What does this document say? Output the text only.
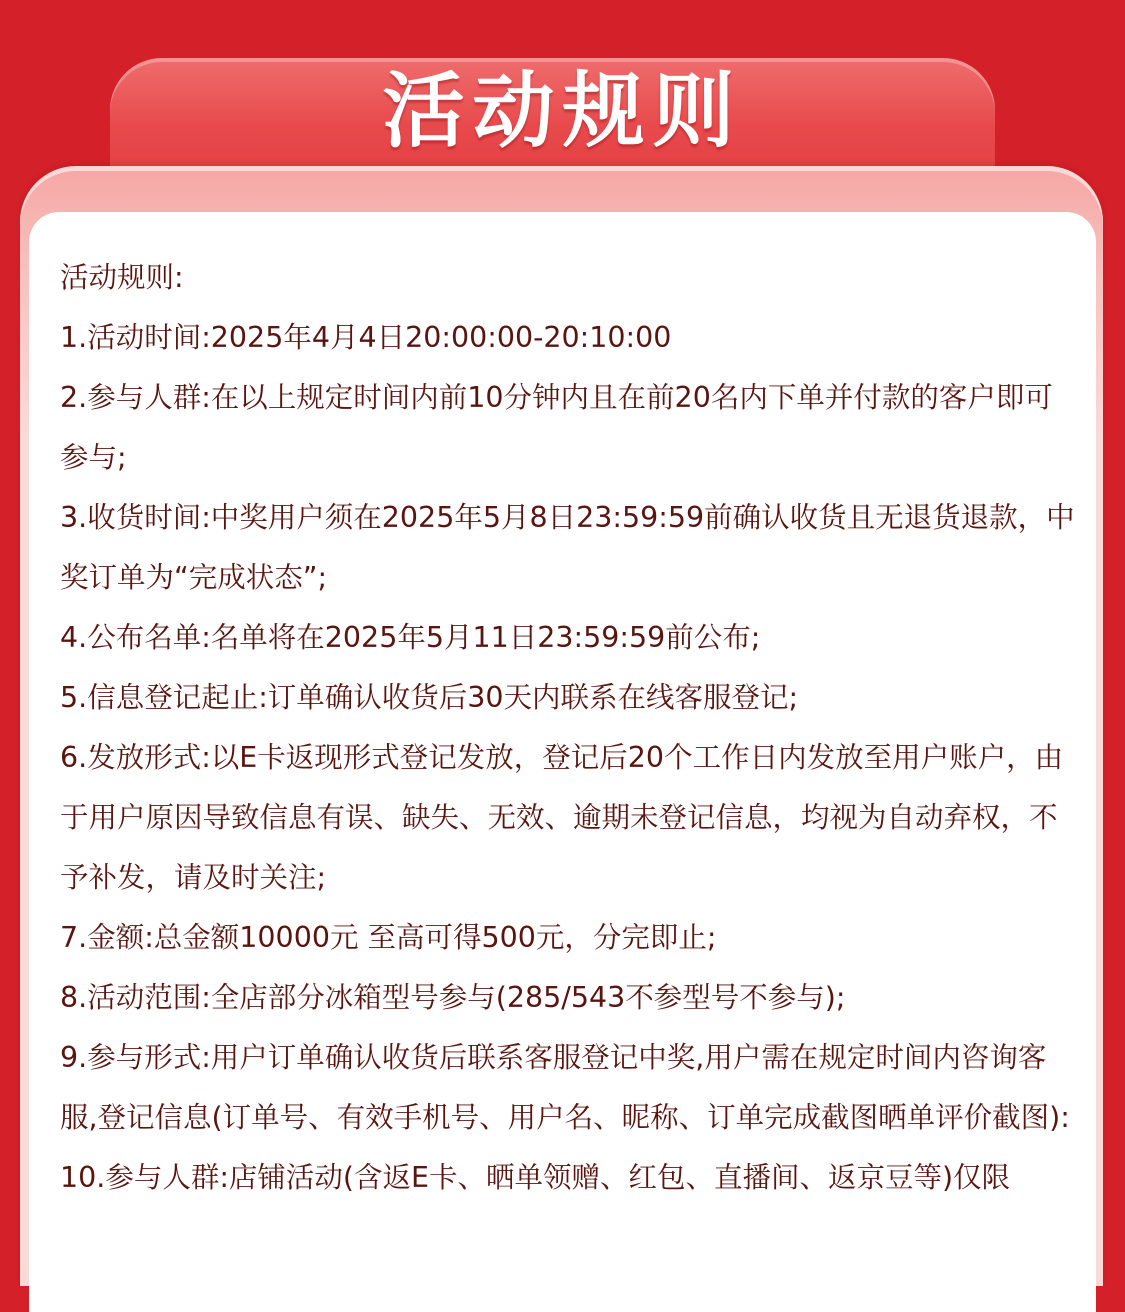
活动规则
活动规则:
1.活动时间:2025年4月4日20:00:00-20:10:00
2.参与人群:在以上规定时间内前10分钟内且在前20名内下单并付款的客户即可参与;
3.收货时间:中奖用户须在2025年5月8日23:59:59前确认收货且无退货退款，中奖订单为“完成状态”;
4.公布名单:名单将在2025年5月11日23:59:59前公布;
5.信息登记起止:订单确认收货后30天内联系在线客服登记;
6.发放形式:以E卡返现形式登记发放，登记后20个工作日内发放至用户账户，由于用户原因导致信息有误、缺失、无效、逾期未登记信息，均视为自动弃权，不予补发，请及时关注;
7.金额:总金额10000元 至高可得500元，分完即止;
8.活动范围:全店部分冰箱型号参与(285/543不参型号不参与);
9.参与形式:用户订单确认收货后联系客服登记中奖,用户需在规定时间内咨询客服,登记信息(订单号、有效手机号、用户名、昵称、订单完成截图晒单评价截图):
10.参与人群:店铺活动(含返E卡、晒单领赠、红包、直播间、返京豆等)仅限
